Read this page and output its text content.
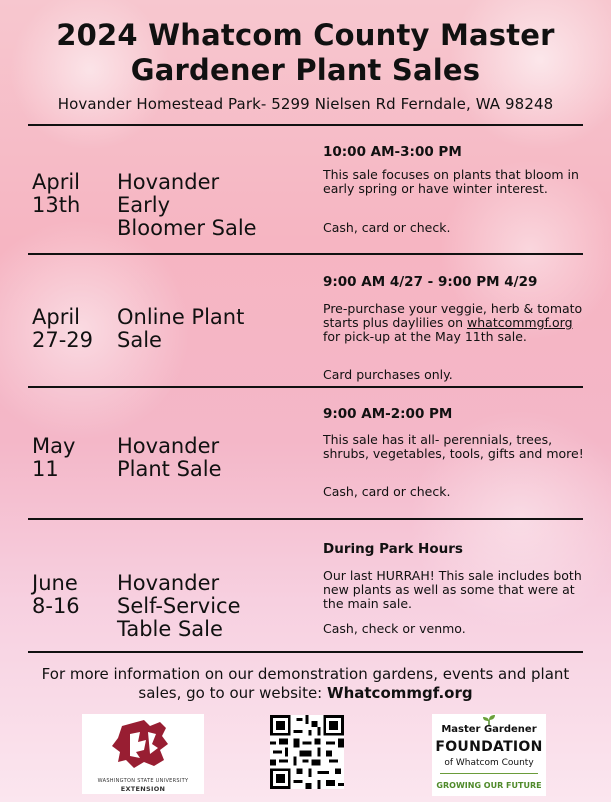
2024 Whatcom County Master
Gardener Plant Sales
Hovander Homestead Park- 5299 Nielsen Rd Ferndale, WA 98248
April
13th
Hovander
Early
Bloomer Sale
10:00 AM-3:00 PM
This sale focuses on plants that bloom in early spring or have winter interest.
Cash, card or check.
April
27-29
Online Plant
Sale
9:00 AM 4/27 - 9:00 PM 4/29
Pre-purchase your veggie, herb & tomato starts plus daylilies on whatcommgf.org for pick-up at the May 11th sale.
Card purchases only.
May
11
Hovander
Plant Sale
9:00 AM-2:00 PM
This sale has it all- perennials, trees, shrubs, vegetables, tools, gifts and more!
Cash, card or check.
June
8-16
Hovander
Self-Service
Table Sale
During Park Hours
Our last HURRAH! This sale includes both new plants as well as some that were at the main sale.
Cash, check or venmo.
For more information on our demonstration gardens, events and plant sales, go to our website: Whatcommgf.org
WASHINGTON STATE UNIVERSITY
EXTENSION
Master Gardener
FOUNDATION
of Whatcom County
GROWING OUR FUTURE
